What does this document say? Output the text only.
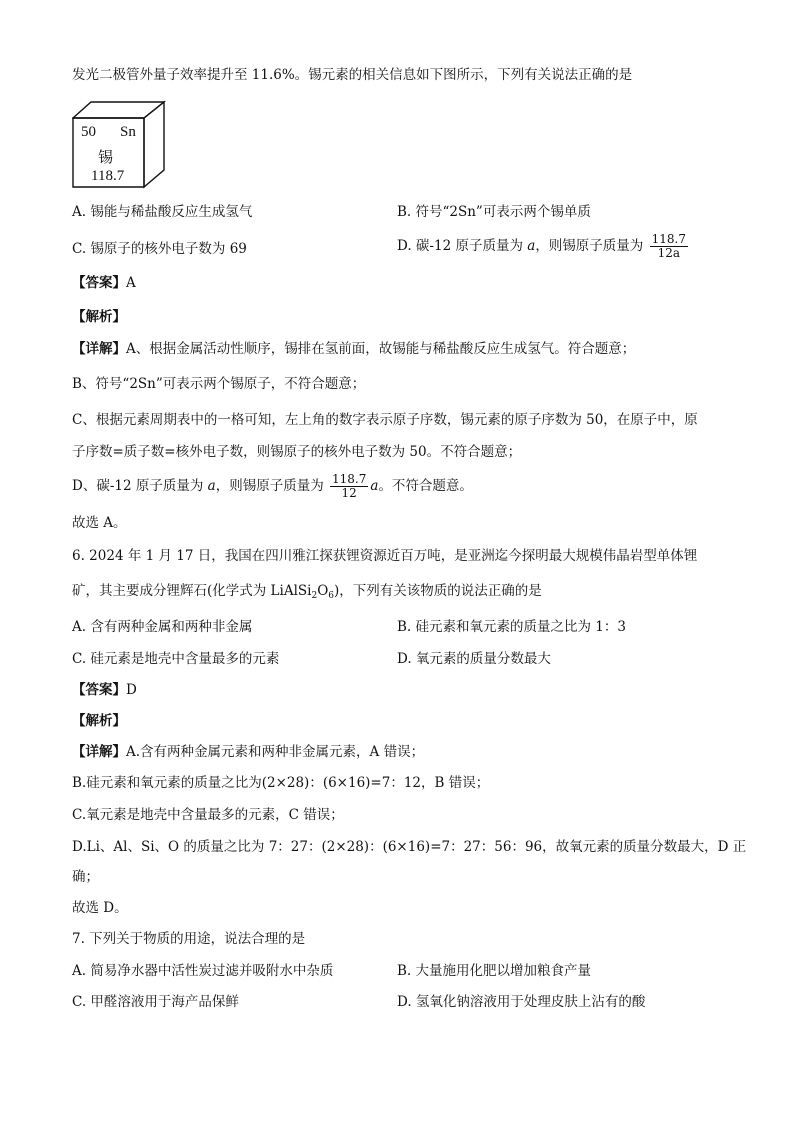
发光二极管外量子效率提升至 11.6%。锡元素的相关信息如下图所示，下列有关说法正确的是
50 Sn
锡
118.7
A. 锡能与稀盐酸反应生成氢气	B. 符号“2Sn”可表示两个锡单质
C. 锡原子的核外电子数为 69	D. 碳-12 原子质量为 a，则锡原子质量为 $\frac{118.7}{12a}$
【答案】A
【解析】
【详解】A、根据金属活动性顺序，锡排在氢前面，故锡能与稀盐酸反应生成氢气。符合题意；
B、符号“2Sn”可表示两个锡原子，不符合题意；
C、根据元素周期表中的一格可知，左上角的数字表示原子序数，锡元素的原子序数为 50，在原子中，原
子序数=质子数=核外电子数，则锡原子的核外电子数为 50。不符合题意；
D、碳-12 原子质量为 a，则锡原子质量为 $\frac{118.7}{12}$ a。不符合题意。
故选 A。
6. 2024 年 1 月 17 日，我国在四川雅江探获锂资源近百万吨，是亚洲迄今探明最大规模伟晶岩型单体锂
矿，其主要成分锂辉石(化学式为 $LiAlSi_2O_6$)，下列有关该物质的说法正确的是
A. 含有两种金属和两种非金属	B. 硅元素和氧元素的质量之比为 1：3
C. 硅元素是地壳中含量最多的元素	D. 氧元素的质量分数最大
【答案】D
【解析】
【详解】A.含有两种金属元素和两种非金属元素，A 错误；
B.硅元素和氧元素的质量之比为(2×28)：(6×16)=7：12，B 错误；
C.氧元素是地壳中含量最多的元素，C 错误；
D.Li、Al、Si、O 的质量之比为 7：27：(2×28)：(6×16)=7：27：56：96，故氧元素的质量分数最大，D 正
确；
故选 D。
7. 下列关于物质的用途，说法合理的是
A. 简易净水器中活性炭过滤并吸附水中杂质	B. 大量施用化肥以增加粮食产量
C. 甲醛溶液用于海产品保鲜	D. 氢氧化钠溶液用于处理皮肤上沾有的酸
